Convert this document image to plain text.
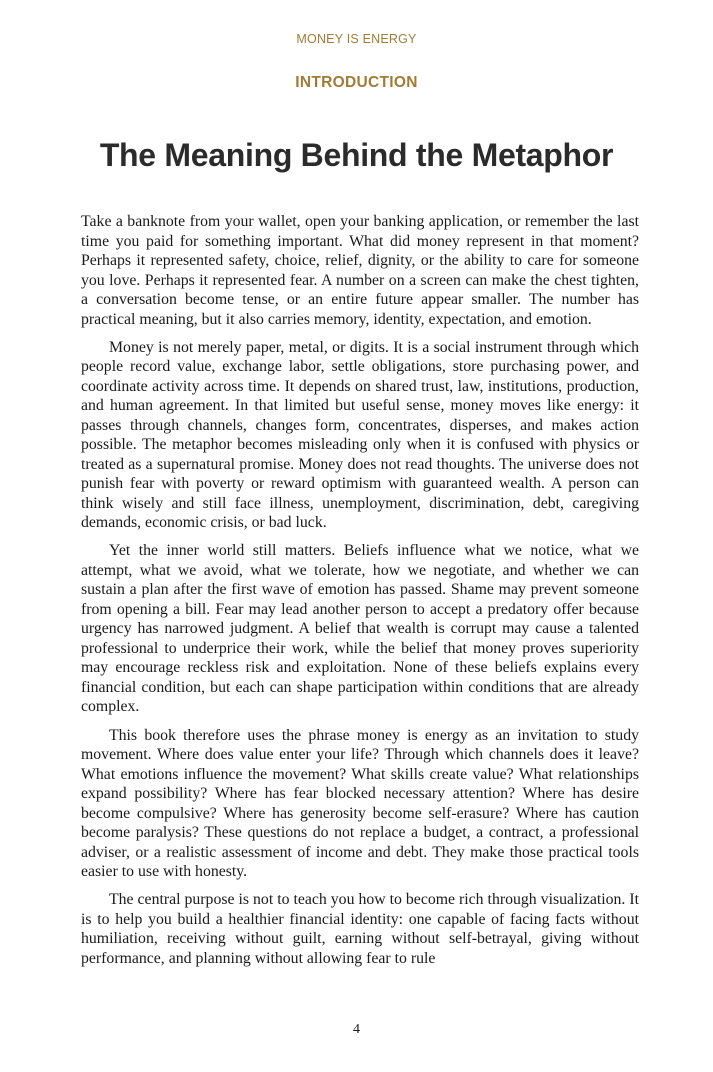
MONEY IS ENERGY
INTRODUCTION
The Meaning Behind the Metaphor

Take a banknote from your wallet, open your banking application, or remember the last time you paid for something important. What did money represent in that moment? Perhaps it represented safety, choice, relief, dignity, or the ability to care for someone you love. Perhaps it represented fear. A number on a screen can make the chest tighten, a conversation become tense, or an entire future appear smaller. The number has practical meaning, but it also carries memory, identity, expectation, and emotion.

Money is not merely paper, metal, or digits. It is a social instrument through which people record value, exchange labor, settle obligations, store purchasing power, and coordinate activity across time. It depends on shared trust, law, institutions, production, and human agreement. In that limited but useful sense, money moves like energy: it passes through channels, changes form, concentrates, disperses, and makes action possible. The metaphor becomes misleading only when it is confused with physics or treated as a supernatural promise. Money does not read thoughts. The universe does not punish fear with poverty or reward optimism with guaranteed wealth. A person can think wisely and still face illness, unemployment, discrimination, debt, caregiving demands, economic crisis, or bad luck.

Yet the inner world still matters. Beliefs influence what we notice, what we attempt, what we avoid, what we tolerate, how we negotiate, and whether we can sustain a plan after the first wave of emotion has passed. Shame may prevent someone from opening a bill. Fear may lead another person to accept a predatory offer because urgency has narrowed judgment. A belief that wealth is corrupt may cause a talented professional to underprice their work, while the belief that money proves superiority may encourage reckless risk and exploitation. None of these beliefs explains every financial condition, but each can shape participation within conditions that are already complex.

This book therefore uses the phrase money is energy as an invitation to study movement. Where does value enter your life? Through which channels does it leave? What emotions influence the movement? What skills create value? What relationships expand possibility? Where has fear blocked necessary attention? Where has desire become compulsive? Where has generosity become self-erasure? Where has caution become paralysis? These questions do not replace a budget, a contract, a professional adviser, or a realistic assessment of income and debt. They make those practical tools easier to use with honesty.

The central purpose is not to teach you how to become rich through visualization. It is to help you build a healthier financial identity: one capable of facing facts without humiliation, receiving without guilt, earning without self-betrayal, giving without performance, and planning without allowing fear to rule

4
